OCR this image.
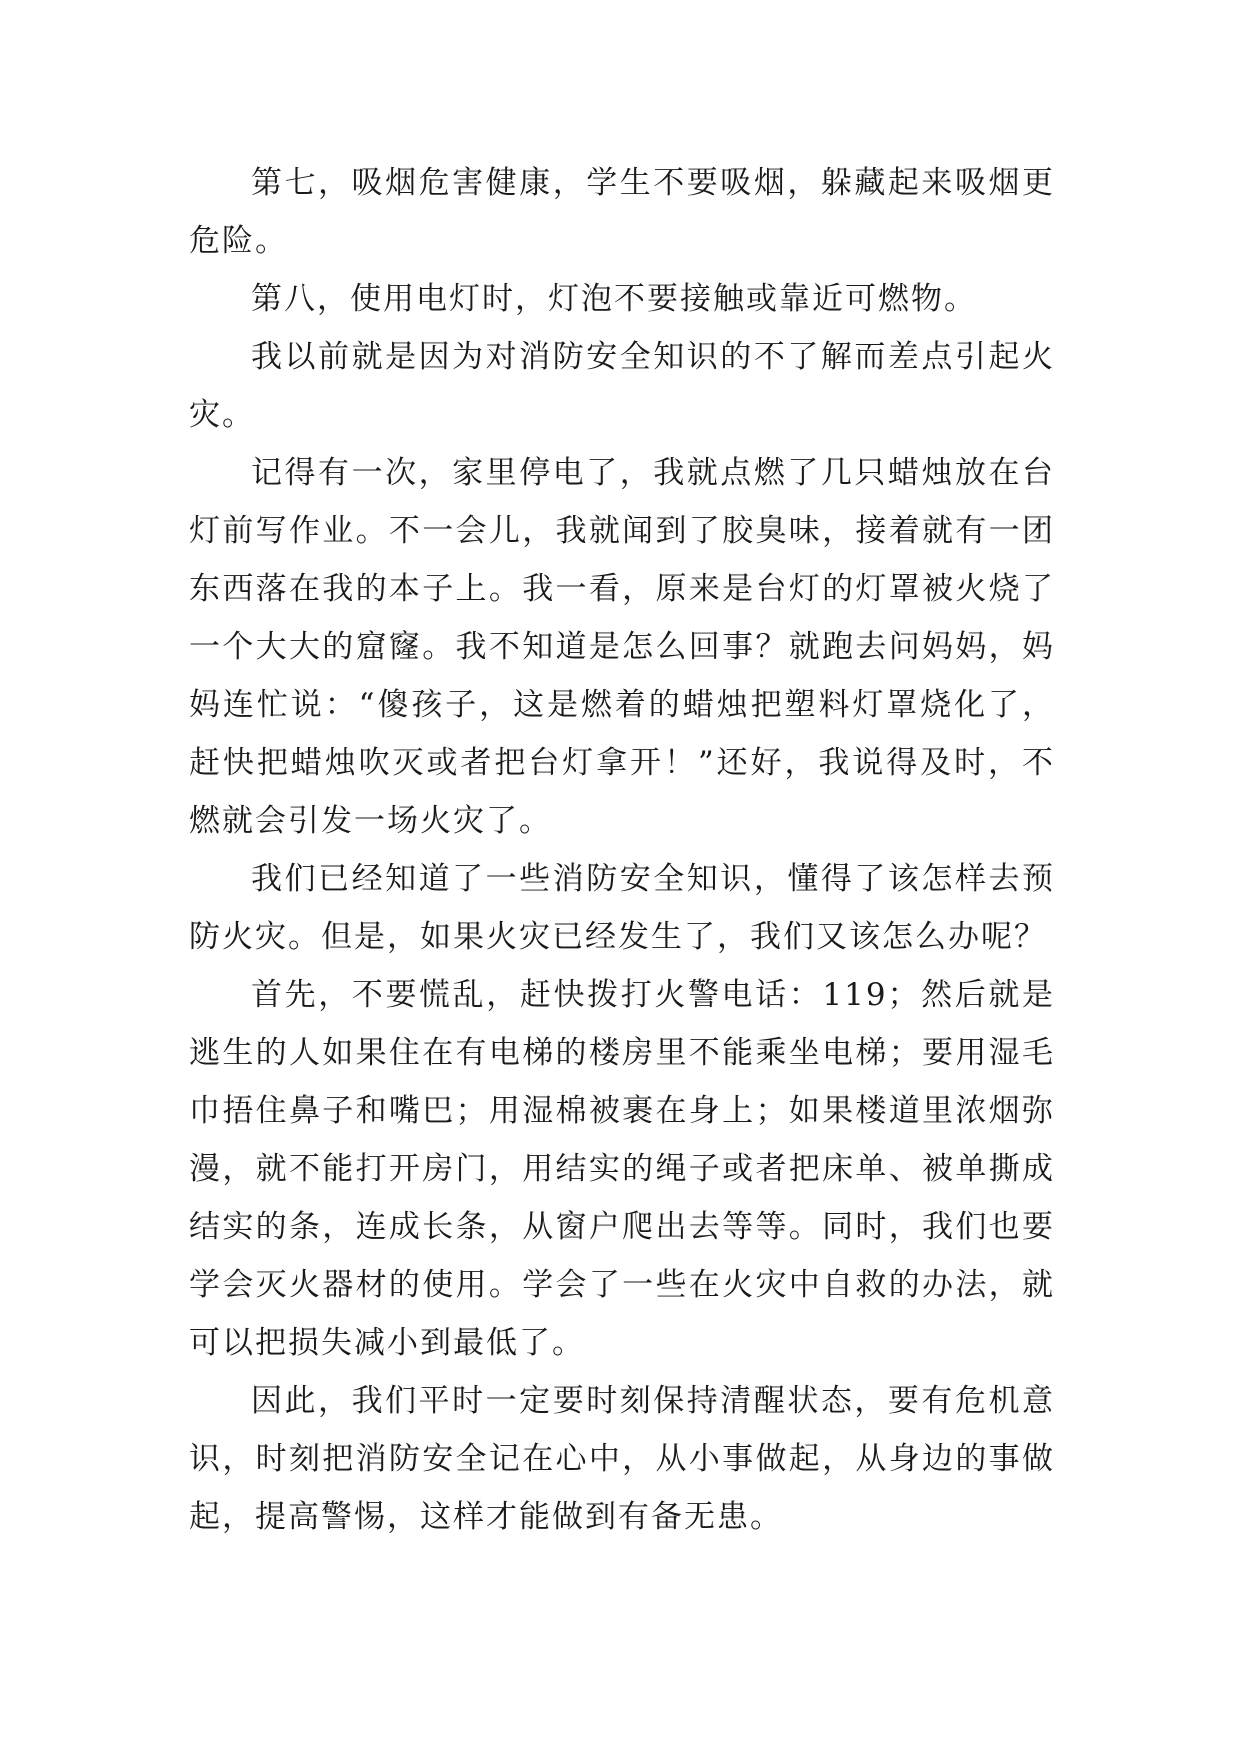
第七，吸烟危害健康，学生不要吸烟，躲藏起来吸烟更危险。

第八，使用电灯时，灯泡不要接触或靠近可燃物。

我以前就是因为对消防安全知识的不了解而差点引起火灾。

记得有一次，家里停电了，我就点燃了几只蜡烛放在台灯前写作业。不一会儿，我就闻到了胶臭味，接着就有一团东西落在我的本子上。我一看，原来是台灯的灯罩被火烧了一个大大的窟窿。我不知道是怎么回事？就跑去问妈妈，妈妈连忙说：“傻孩子，这是燃着的蜡烛把塑料灯罩烧化了，赶快把蜡烛吹灭或者把台灯拿开！”还好，我说得及时，不燃就会引发一场火灾了。

我们已经知道了一些消防安全知识，懂得了该怎样去预防火灾。但是，如果火灾已经发生了，我们又该怎么办呢？

首先，不要慌乱，赶快拨打火警电话：119；然后就是逃生的人如果住在有电梯的楼房里不能乘坐电梯；要用湿毛巾捂住鼻子和嘴巴；用湿棉被裹在身上；如果楼道里浓烟弥漫，就不能打开房门，用结实的绳子或者把床单、被单撕成结实的条，连成长条，从窗户爬出去等等。同时，我们也要学会灭火器材的使用。学会了一些在火灾中自救的办法，就可以把损失减小到最低了。

因此，我们平时一定要时刻保持清醒状态，要有危机意识，时刻把消防安全记在心中，从小事做起，从身边的事做起，提高警惕，这样才能做到有备无患。
